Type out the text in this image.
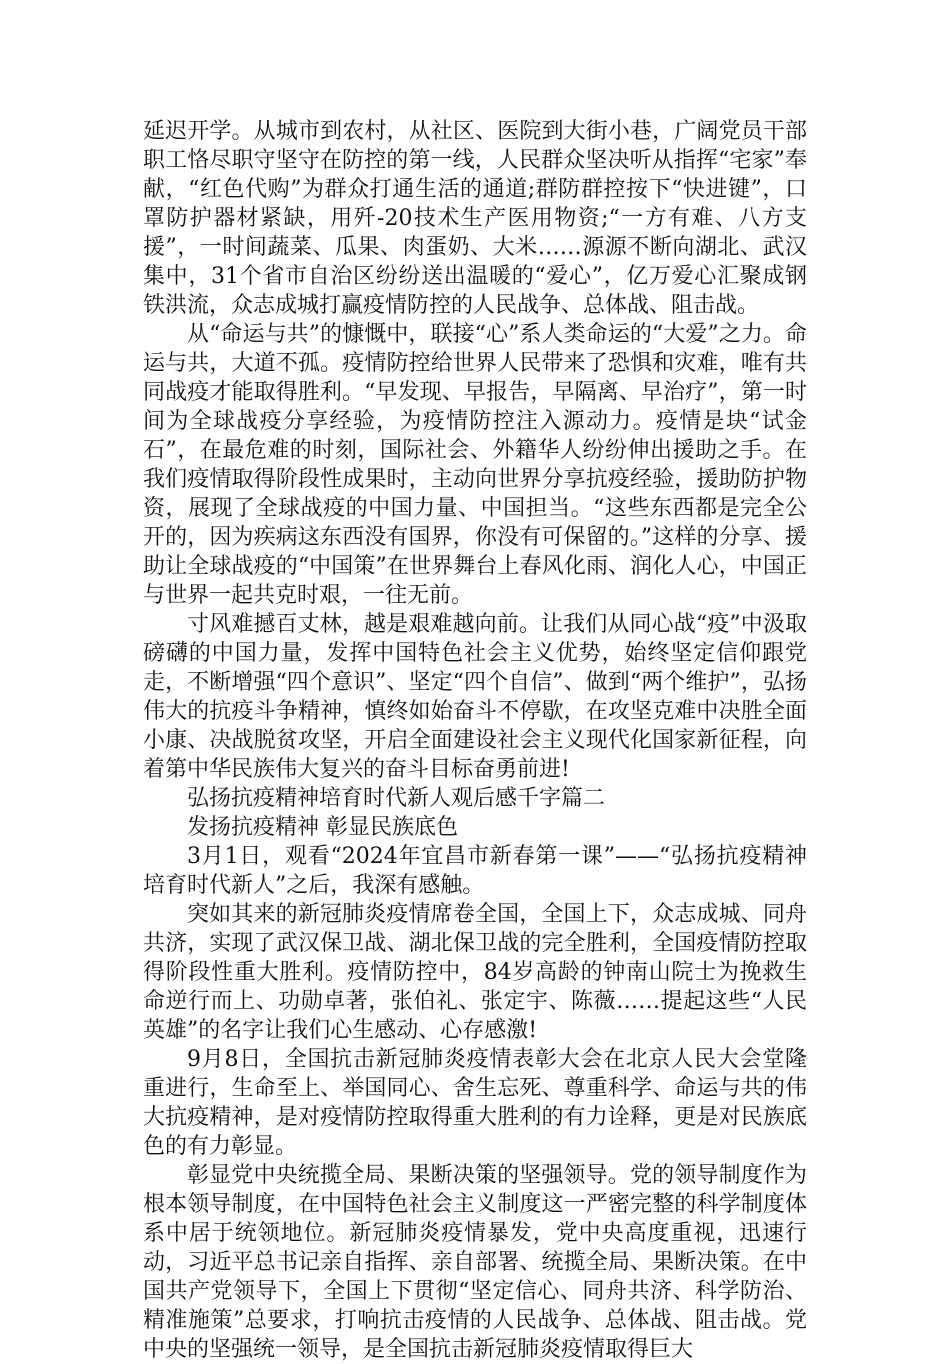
延迟开学。从城市到农村，从社区、医院到大街小巷，广阔党员干部职工恪尽职守坚守在防控的第一线，人民群众坚决听从指挥“宅家”奉献，“红色代购”为群众打通生活的通道;群防群控按下“快进键”，口罩防护器材紧缺，用歼-20技术生产医用物资;“一方有难、八方支援”，一时间蔬菜、瓜果、肉蛋奶、大米……源源不断向湖北、武汉集中，31个省市自治区纷纷送出温暖的“爱心”，亿万爱心汇聚成钢铁洪流，众志成城打赢疫情防控的人民战争、总体战、阻击战。

从“命运与共”的慷慨中，联接“心”系人类命运的“大爱”之力。命运与共，大道不孤。疫情防控给世界人民带来了恐惧和灾难，唯有共同战疫才能取得胜利。“早发现、早报告，早隔离、早治疗”，第一时间为全球战疫分享经验，为疫情防控注入源动力。疫情是块“试金石”，在最危难的时刻，国际社会、外籍华人纷纷伸出援助之手。在我们疫情取得阶段性成果时，主动向世界分享抗疫经验，援助防护物资，展现了全球战疫的中国力量、中国担当。“这些东西都是完全公开的，因为疾病这东西没有国界，你没有可保留的。”这样的分享、援助让全球战疫的“中国策”在世界舞台上春风化雨、润化人心，中国正与世界一起共克时艰，一往无前。

寸风难撼百丈林，越是艰难越向前。让我们从同心战“疫”中汲取磅礴的中国力量，发挥中国特色社会主义优势，始终坚定信仰跟党走，不断增强“四个意识”、坚定“四个自信”、做到“两个维护”，弘扬伟大的抗疫斗争精神，慎终如始奋斗不停歇，在攻坚克难中决胜全面小康、决战脱贫攻坚，开启全面建设社会主义现代化国家新征程，向着第中华民族伟大复兴的奋斗目标奋勇前进!

弘扬抗疫精神培育时代新人观后感千字篇二

发扬抗疫精神 彰显民族底色

3月1日，观看“2024年宜昌市新春第一课”——“弘扬抗疫精神 培育时代新人”之后，我深有感触。

突如其来的新冠肺炎疫情席卷全国，全国上下，众志成城、同舟共济，实现了武汉保卫战、湖北保卫战的完全胜利，全国疫情防控取得阶段性重大胜利。疫情防控中，84岁高龄的钟南山院士为挽救生命逆行而上、功勋卓著，张伯礼、张定宇、陈薇……提起这些“人民英雄”的名字让我们心生感动、心存感激!

9月8日，全国抗击新冠肺炎疫情表彰大会在北京人民大会堂隆重进行，生命至上、举国同心、舍生忘死、尊重科学、命运与共的伟大抗疫精神，是对疫情防控取得重大胜利的有力诠释，更是对民族底色的有力彰显。

彰显党中央统揽全局、果断决策的坚强领导。党的领导制度作为根本领导制度，在中国特色社会主义制度这一严密完整的科学制度体系中居于统领地位。新冠肺炎疫情暴发，党中央高度重视，迅速行动，习近平总书记亲自指挥、亲自部署、统揽全局、果断决策。在中国共产党领导下，全国上下贯彻“坚定信心、同舟共济、科学防治、精准施策”总要求，打响抗击疫情的人民战争、总体战、阻击战。党中央的坚强统一领导，是全国抗击新冠肺炎疫情取得巨大
